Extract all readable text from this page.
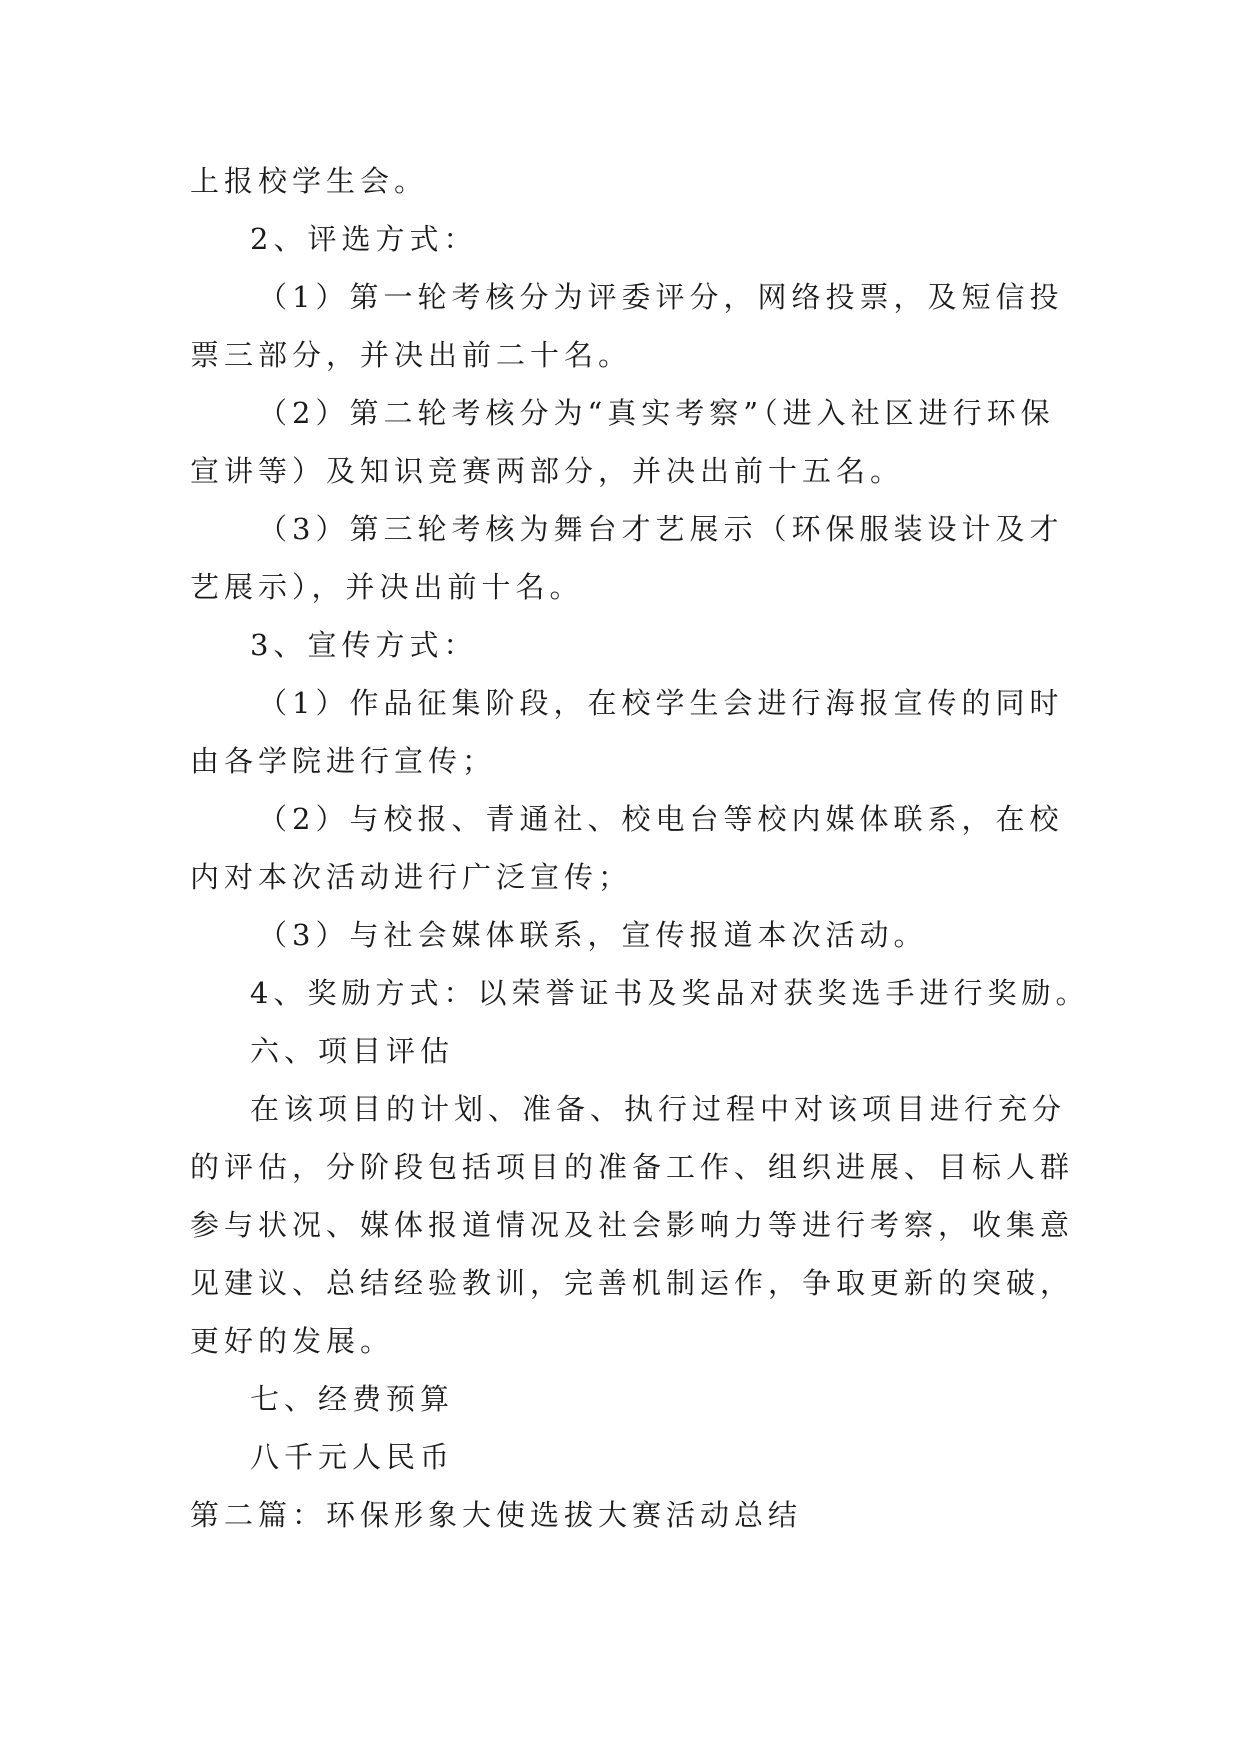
上报校学生会。
2、评选方式：
（1）第一轮考核分为评委评分，网络投票，及短信投
票三部分，并决出前二十名。
（2）第二轮考核分为“真实考察”（进入社区进行环保
宣讲等）及知识竞赛两部分，并决出前十五名。
（3）第三轮考核为舞台才艺展示（环保服装设计及才
艺展示），并决出前十名。
3、宣传方式：
（1）作品征集阶段，在校学生会进行海报宣传的同时
由各学院进行宣传；
（2）与校报、青通社、校电台等校内媒体联系，在校
内对本次活动进行广泛宣传；
（3）与社会媒体联系，宣传报道本次活动。
4、奖励方式：以荣誉证书及奖品对获奖选手进行奖励。
六、项目评估
在该项目的计划、准备、执行过程中对该项目进行充分
的评估，分阶段包括项目的准备工作、组织进展、目标人群
参与状况、媒体报道情况及社会影响力等进行考察，收集意
见建议、总结经验教训，完善机制运作，争取更新的突破，
更好的发展。
七、经费预算
八千元人民币
第二篇：环保形象大使选拔大赛活动总结
